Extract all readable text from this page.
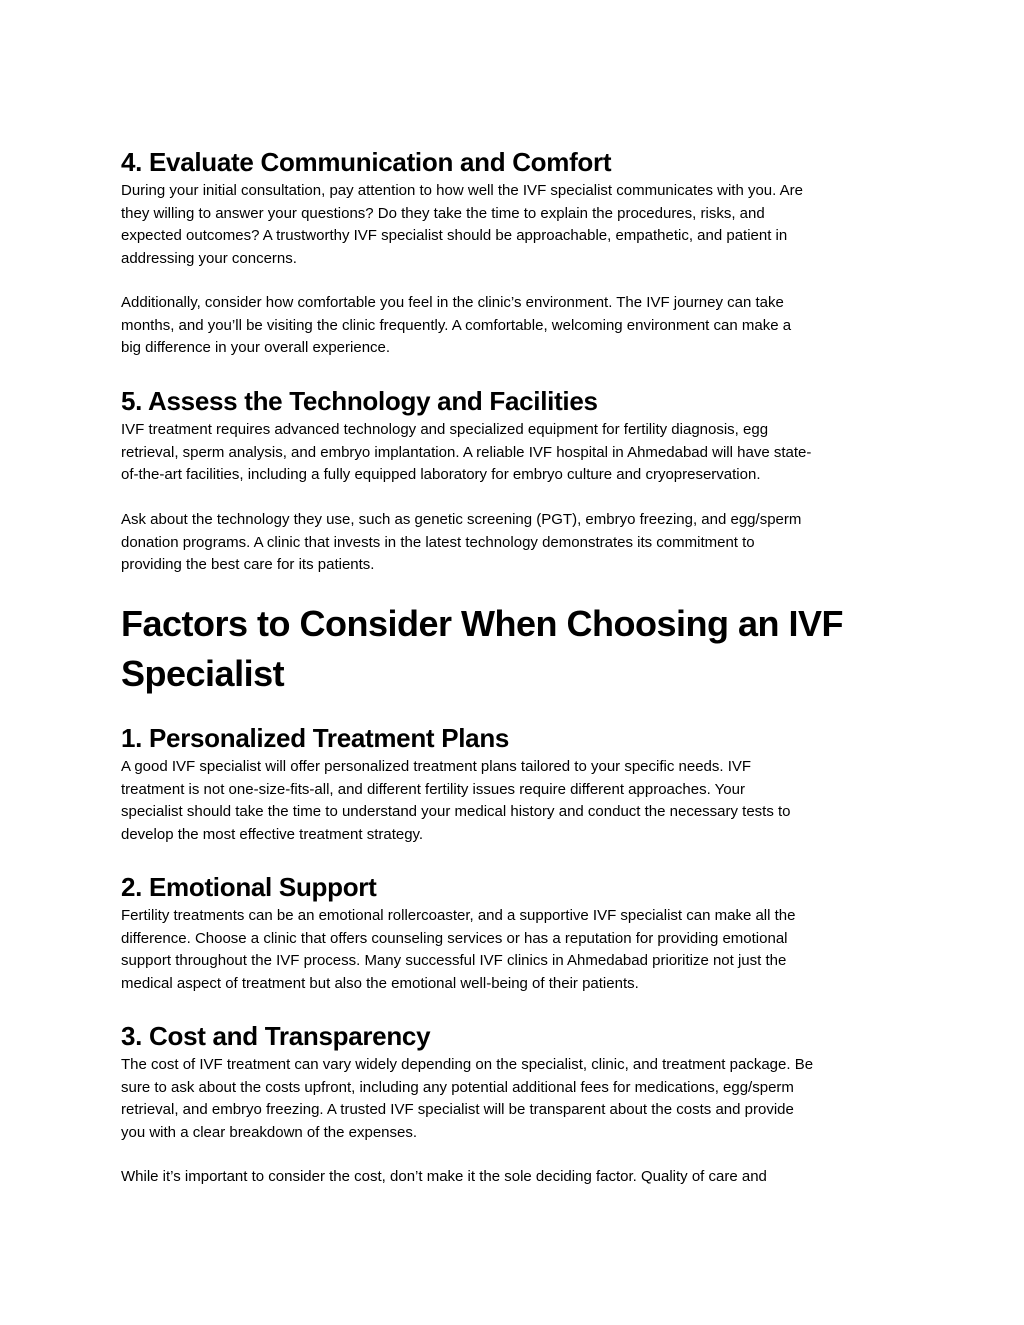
4. Evaluate Communication and Comfort
During your initial consultation, pay attention to how well the IVF specialist communicates with you. Are
they willing to answer your questions? Do they take the time to explain the procedures, risks, and
expected outcomes? A trustworthy IVF specialist should be approachable, empathetic, and patient in
addressing your concerns.
Additionally, consider how comfortable you feel in the clinic’s environment. The IVF journey can take
months, and you’ll be visiting the clinic frequently. A comfortable, welcoming environment can make a
big difference in your overall experience.
5. Assess the Technology and Facilities
IVF treatment requires advanced technology and specialized equipment for fertility diagnosis, egg
retrieval, sperm analysis, and embryo implantation. A reliable IVF hospital in Ahmedabad will have state-
of-the-art facilities, including a fully equipped laboratory for embryo culture and cryopreservation.
Ask about the technology they use, such as genetic screening (PGT), embryo freezing, and egg/sperm
donation programs. A clinic that invests in the latest technology demonstrates its commitment to
providing the best care for its patients.
Factors to Consider When Choosing an IVF
Specialist
1. Personalized Treatment Plans
A good IVF specialist will offer personalized treatment plans tailored to your specific needs. IVF
treatment is not one-size-fits-all, and different fertility issues require different approaches. Your
specialist should take the time to understand your medical history and conduct the necessary tests to
develop the most effective treatment strategy.
2. Emotional Support
Fertility treatments can be an emotional rollercoaster, and a supportive IVF specialist can make all the
difference. Choose a clinic that offers counseling services or has a reputation for providing emotional
support throughout the IVF process. Many successful IVF clinics in Ahmedabad prioritize not just the
medical aspect of treatment but also the emotional well-being of their patients.
3. Cost and Transparency
The cost of IVF treatment can vary widely depending on the specialist, clinic, and treatment package. Be
sure to ask about the costs upfront, including any potential additional fees for medications, egg/sperm
retrieval, and embryo freezing. A trusted IVF specialist will be transparent about the costs and provide
you with a clear breakdown of the expenses.
While it’s important to consider the cost, don’t make it the sole deciding factor. Quality of care and
